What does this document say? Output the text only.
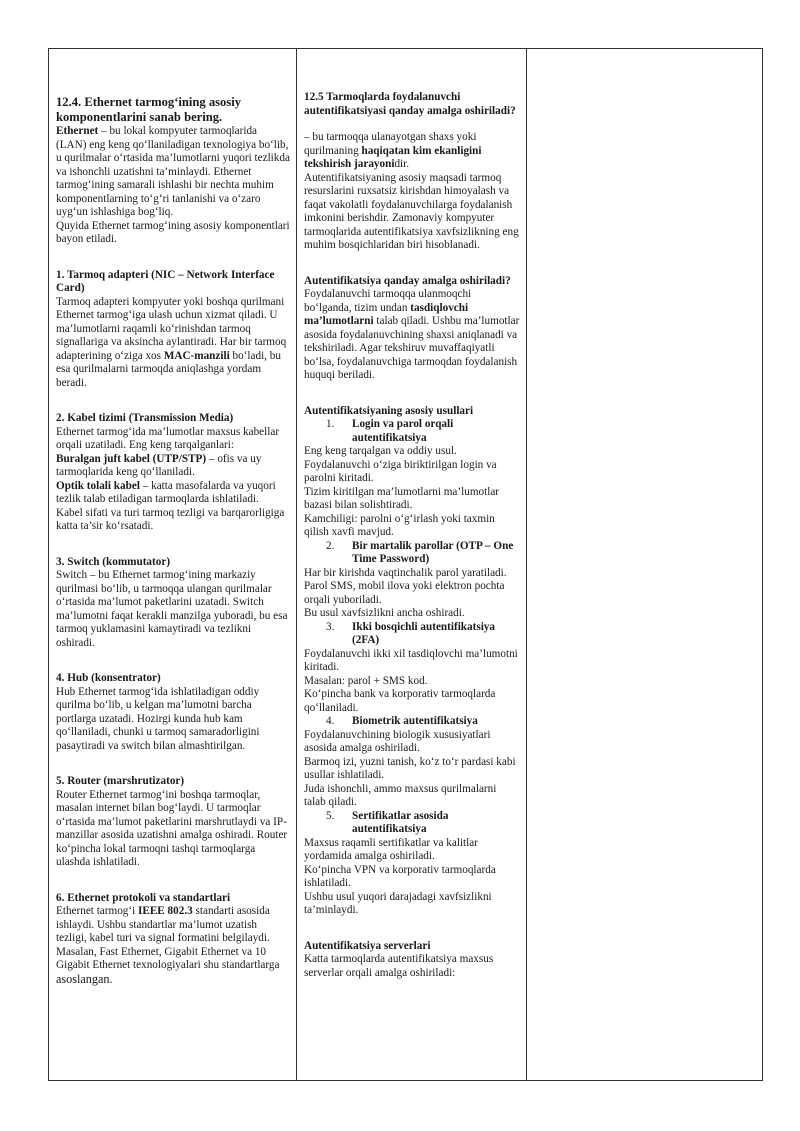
12.4. Ethernet tarmog‘ining asosiy komponentlarini sanab bering.

Ethernet – bu lokal kompyuter tarmoqlarida (LAN) eng keng qo‘llaniladigan texnologiya bo‘lib, u qurilmalar o‘rtasida ma’lumotlarni yuqori tezlikda va ishonchli uzatishni ta’minlaydi. Ethernet tarmog‘ining samarali ishlashi bir nechta muhim komponentlarning to‘g‘ri tanlanishi va o‘zaro uyg‘un ishlashiga bog‘liq.

Quyida Ethernet tarmog‘ining asosiy komponentlari bayon etiladi.

1. Tarmoq adapteri (NIC – Network Interface Card)

Tarmoq adapteri kompyuter yoki boshqa qurilmani Ethernet tarmog‘iga ulash uchun xizmat qiladi. U ma’lumotlarni raqamli ko‘rinishdan tarmoq signallariga va aksincha aylantiradi. Har bir tarmoq adapterining o‘ziga xos MAC-manzili bo‘ladi, bu esa qurilmalarni tarmoqda aniqlashga yordam beradi.

2. Kabel tizimi (Transmission Media)

Ethernet tarmog‘ida ma’lumotlar maxsus kabellar orqali uzatiladi. Eng keng tarqalganlari:

Buralgan juft kabel (UTP/STP) – ofis va uy tarmoqlarida keng qo‘llaniladi.

Optik tolali kabel – katta masofalarda va yuqori tezlik talab etiladigan tarmoqlarda ishlatiladi.

Kabel sifati va turi tarmoq tezligi va barqarorligiga katta ta’sir ko‘rsatadi.

3. Switch (kommutator)

Switch – bu Ethernet tarmog‘ining markaziy qurilmasi bo‘lib, u tarmoqqa ulangan qurilmalar o‘rtasida ma’lumot paketlarini uzatadi. Switch ma’lumotni faqat kerakli manzilga yuboradi, bu esa tarmoq yuklamasini kamaytiradi va tezlikni oshiradi.

4. Hub (konsentrator)

Hub Ethernet tarmog‘ida ishlatiladigan oddiy qurilma bo‘lib, u kelgan ma’lumotni barcha portlarga uzatadi. Hozirgi kunda hub kam qo‘llaniladi, chunki u tarmoq samaradorligini pasaytiradi va switch bilan almashtirilgan.

5. Router (marshrutizator)

Router Ethernet tarmog‘ini boshqa tarmoqlar, masalan internet bilan bog‘laydi. U tarmoqlar o‘rtasida ma’lumot paketlarini marshrutlaydi va IP-manzillar asosida uzatishni amalga oshiradi. Router ko‘pincha lokal tarmoqni tashqi tarmoqlarga ulashda ishlatiladi.

6. Ethernet protokoli va standartlari

Ethernet tarmog‘i IEEE 802.3 standarti asosida ishlaydi. Ushbu standartlar ma’lumot uzatish tezligi, kabel turi va signal formatini belgilaydi. Masalan, Fast Ethernet, Gigabit Ethernet va 10 Gigabit Ethernet texnologiyalari shu standartlarga asoslangan.

12.5 Tarmoqlarda foydalanuvchi autentifikatsiyasi qanday amalga oshiriladi?

– bu tarmoqqa ulanayotgan shaxs yoki qurilmaning haqiqatan kim ekanligini tekshirish jarayonidir.

Autentifikatsiyaning asosiy maqsadi tarmoq resurslarini ruxsatsiz kirishdan himoyalash va faqat vakolatli foydalanuvchilarga foydalanish imkonini berishdir. Zamonaviy kompyuter tarmoqlarida autentifikatsiya xavfsizlikning eng muhim bosqichlaridan biri hisoblanadi.

Autentifikatsiya qanday amalga oshiriladi?

Foydalanuvchi tarmoqqa ulanmoqchi bo‘lganda, tizim undan tasdiqlovchi ma’lumotlarni talab qiladi. Ushbu ma’lumotlar asosida foydalanuvchining shaxsi aniqlanadi va tekshiriladi. Agar tekshiruv muvaffaqiyatli bo‘lsa, foydalanuvchiga tarmoqdan foydalanish huquqi beriladi.

Autentifikatsiyaning asosiy usullari

1. Login va parol orqali autentifikatsiya

Eng keng tarqalgan va oddiy usul.

Foydalanuvchi o‘ziga biriktirilgan login va parolni kiritadi.

Tizim kiritilgan ma’lumotlarni ma’lumotlar bazasi bilan solishtiradi.

Kamchiligi: parolni o‘g‘irlash yoki taxmin qilish xavfi mavjud.

2. Bir martalik parollar (OTP – One Time Password)

Har bir kirishda vaqtinchalik parol yaratiladi.

Parol SMS, mobil ilova yoki elektron pochta orqali yuboriladi.

Bu usul xavfsizlikni ancha oshiradi.

3. Ikki bosqichli autentifikatsiya (2FA)

Foydalanuvchi ikki xil tasdiqlovchi ma’lumotni kiritadi.

Masalan: parol + SMS kod.

Ko‘pincha bank va korporativ tarmoqlarda qo‘llaniladi.

4. Biometrik autentifikatsiya

Foydalanuvchining biologik xususiyatlari asosida amalga oshiriladi.

Barmoq izi, yuzni tanish, ko‘z to‘r pardasi kabi usullar ishlatiladi.

Juda ishonchli, ammo maxsus qurilmalarni talab qiladi.

5. Sertifikatlar asosida autentifikatsiya

Maxsus raqamli sertifikatlar va kalitlar yordamida amalga oshiriladi.

Ko‘pincha VPN va korporativ tarmoqlarda ishlatiladi.

Ushbu usul yuqori darajadagi xavfsizlikni ta’minlaydi.

Autentifikatsiya serverlari

Katta tarmoqlarda autentifikatsiya maxsus serverlar orqali amalga oshiriladi:
